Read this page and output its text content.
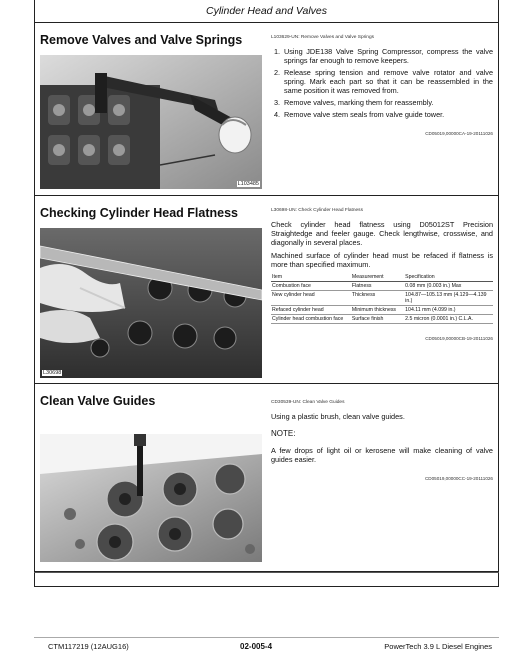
Cylinder Head and Valves
Remove Valves and Valve Springs
L103485
L103629-UN: Remove Valves and Valve Springs
1. Using JDE138 Valve Spring Compressor, compress the valve springs far enough to remove keepers.
2. Release spring tension and remove valve rotator and valve spring. Mark each part so that it can be reassembled in the same position it was removed from.
3. Remove valves, marking them for reassembly.
4. Remove valve stem seals from valve guide tower.
CD05019,00000CA-19-20111026
Checking Cylinder Head Flatness
L30698
L30698-UN: Check Cylinder Head Flatness
Check cylinder head flatness using D05012ST Precision Straightedge and feeler gauge. Check lengthwise, crosswise, and diagonally in several places.
Machined surface of cylinder head must be refaced if flatness is more than specified maximum.
Item	Measurement	Specification
Combustion face	Flatness	0.08 mm (0.003 in.) Max
New cylinder head	Thickness	104.87—105.13 mm (4.129—4.139 in.)
Refaced cylinder head	Minimum thickness	104.11 mm (4.099 in.)
Cylinder head combustion face	Surface finish	2.5 micron (0.0001 in.) C.L.A.
CD05019,00000CB-19-20111026
Clean Valve Guides	CD30539-UN: Clean Valve Guides
Using a plastic brush, clean valve guides.
NOTE:
A few drops of light oil or kerosene will make cleaning of valve guides easier.
CD05019,00000CC-19-20111026
CTM117219 (12AUG16)	02-005-4	PowerTech 3.9 L Diesel Engines
